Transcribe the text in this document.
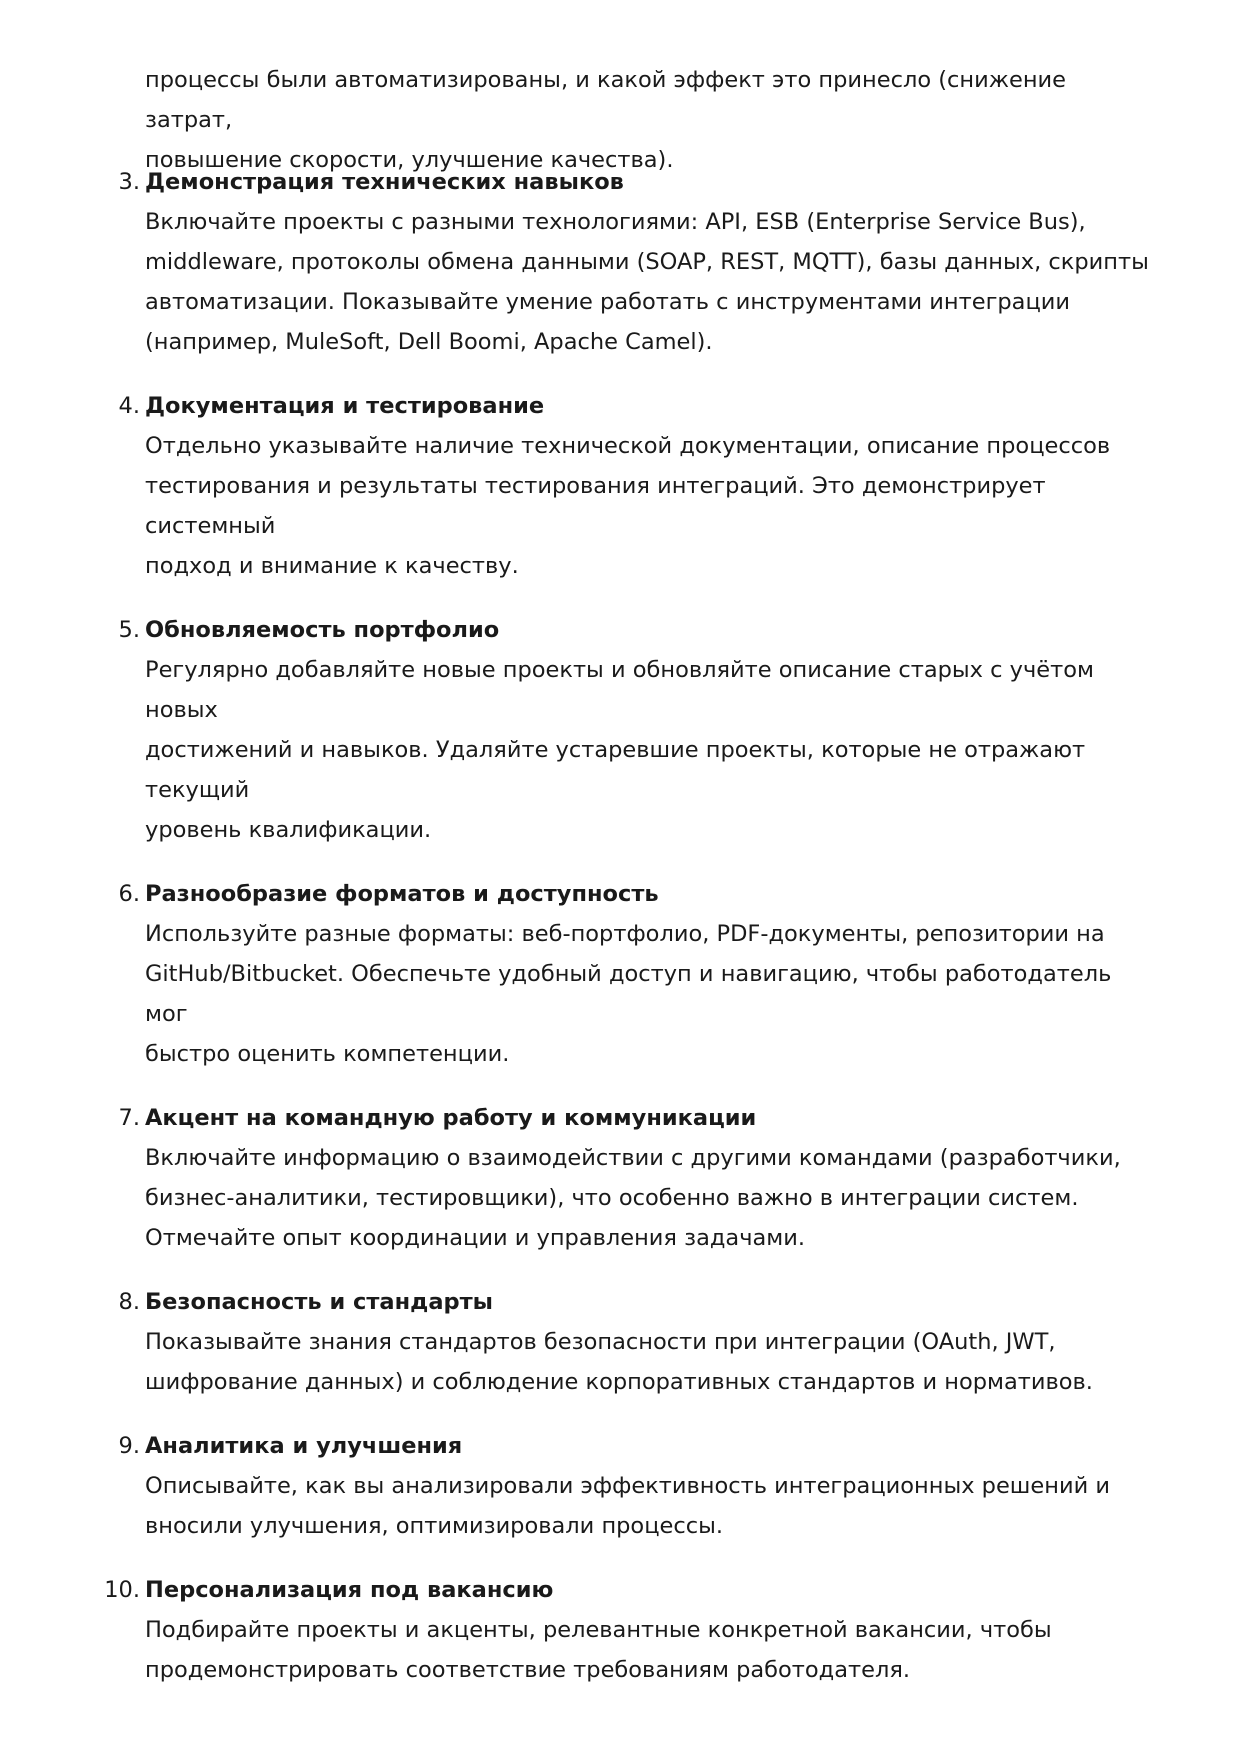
процессы были автоматизированы, и какой эффект это принесло (снижение затрат,
повышение скорости, улучшение качества).

3. Демонстрация технических навыков
Включайте проекты с разными технологиями: API, ESB (Enterprise Service Bus),
middleware, протоколы обмена данными (SOAP, REST, MQTT), базы данных, скрипты
автоматизации. Показывайте умение работать с инструментами интеграции
(например, MuleSoft, Dell Boomi, Apache Camel).
4. Документация и тестирование
Отдельно указывайте наличие технической документации, описание процессов
тестирования и результаты тестирования интеграций. Это демонстрирует системный
подход и внимание к качеству.
5. Обновляемость портфолио
Регулярно добавляйте новые проекты и обновляйте описание старых с учётом новых
достижений и навыков. Удаляйте устаревшие проекты, которые не отражают текущий
уровень квалификации.
6. Разнообразие форматов и доступность
Используйте разные форматы: веб-портфолио, PDF-документы, репозитории на
GitHub/Bitbucket. Обеспечьте удобный доступ и навигацию, чтобы работодатель мог
быстро оценить компетенции.
7. Акцент на командную работу и коммуникации
Включайте информацию о взаимодействии с другими командами (разработчики,
бизнес-аналитики, тестировщики), что особенно важно в интеграции систем.
Отмечайте опыт координации и управления задачами.
8. Безопасность и стандарты
Показывайте знания стандартов безопасности при интеграции (OAuth, JWT,
шифрование данных) и соблюдение корпоративных стандартов и нормативов.
9. Аналитика и улучшения
Описывайте, как вы анализировали эффективность интеграционных решений и
вносили улучшения, оптимизировали процессы.
10. Персонализация под вакансию
Подбирайте проекты и акценты, релевантные конкретной вакансии, чтобы
продемонстрировать соответствие требованиям работодателя.
